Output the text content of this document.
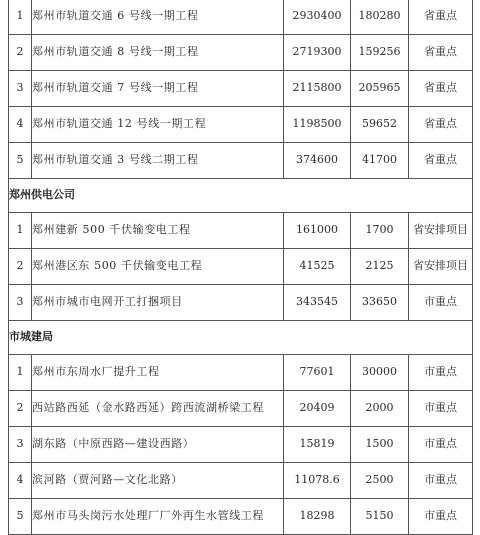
1	郑州市轨道交通 6 号线一期工程	2930400	180280	省重点
2	郑州市轨道交通 8 号线一期工程	2719300	159256	省重点
3	郑州市轨道交通 7 号线一期工程	2115800	205965	省重点
4	郑州市轨道交通 12 号线一期工程	1198500	59652	省重点
5	郑州市轨道交通 3 号线二期工程	374600	41700	省重点
郑州供电公司				
1	郑州建新 500 千伏输变电工程	161000	1700	省安排项目
2	郑州港区东 500 千伏输变电工程	41525	2125	省安排项目
3	郑州市城市电网开工打捆项目	343545	33650	市重点
市城建局				
1	郑州市东周水厂提升工程	77601	30000	市重点
2	西站路西延（金水路西延）跨西流湖桥梁工程	20409	2000	市重点
3	湖东路（中原西路—建设西路）	15819	1500	市重点
4	滨河路（贾河路—文化北路）	11078.6	2500	市重点
5	郑州市马头岗污水处理厂厂外再生水管线工程	18298	5150	市重点
